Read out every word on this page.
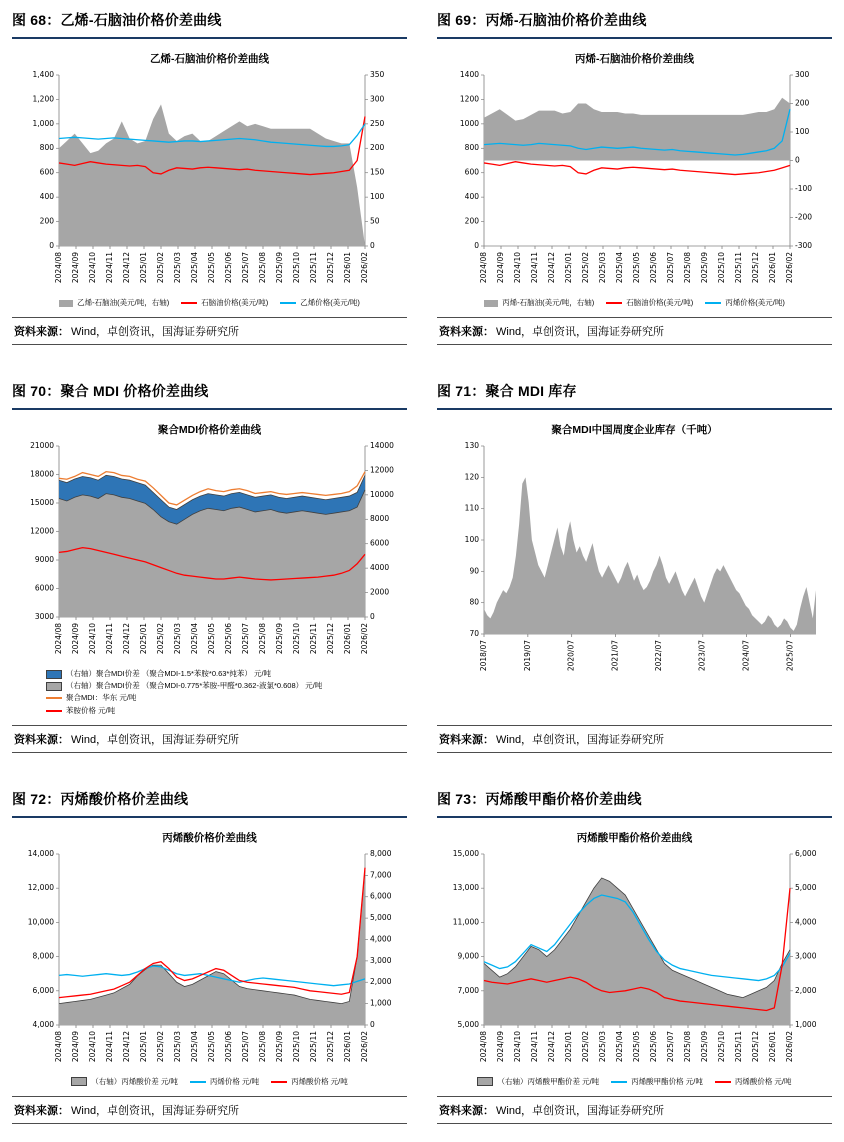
图 68：乙烯-石脑油价格价差曲线
乙烯-石脑油价格价差曲线
乙烯-石脑油(美元/吨，右轴)	石脑油价格(美元/吨)	乙烯价格(美元/吨)
资料来源： Wind，卓创资讯，国海证券研究所
图 69：丙烯-石脑油价格价差曲线
丙烯-石脑油价格价差曲线
丙烯-石脑油(美元/吨，右轴)	石脑油价格(美元/吨)	丙烯价格(美元/吨)
资料来源： Wind，卓创资讯，国海证券研究所
图 70：聚合 MDI 价格价差曲线
聚合MDI价格价差曲线
（右轴）聚合MDI价差 （聚合MDI-1.5*苯胺*0.63*纯苯） 元/吨
（右轴）聚合MDI价差 （聚合MDI-0.775*苯胺-甲醛*0.362-液氯*0.608） 元/吨
聚合MDI：华东 元/吨
苯胺价格 元/吨
资料来源： Wind，卓创资讯，国海证券研究所
图 71：聚合 MDI 库存
聚合MDI中国周度企业库存（千吨）
资料来源： Wind，卓创资讯，国海证券研究所
图 72：丙烯酸价格价差曲线
丙烯酸价格价差曲线
（右轴）丙烯酸价差 元/吨	丙烯价格 元/吨	丙烯酸价格 元/吨
资料来源： Wind，卓创资讯，国海证券研究所
图 73：丙烯酸甲酯价格价差曲线
丙烯酸甲酯价格价差曲线
（右轴）丙烯酸甲酯价差 元/吨	丙烯酸甲酯价格 元/吨	丙烯酸价格 元/吨
资料来源： Wind，卓创资讯，国海证券研究所
